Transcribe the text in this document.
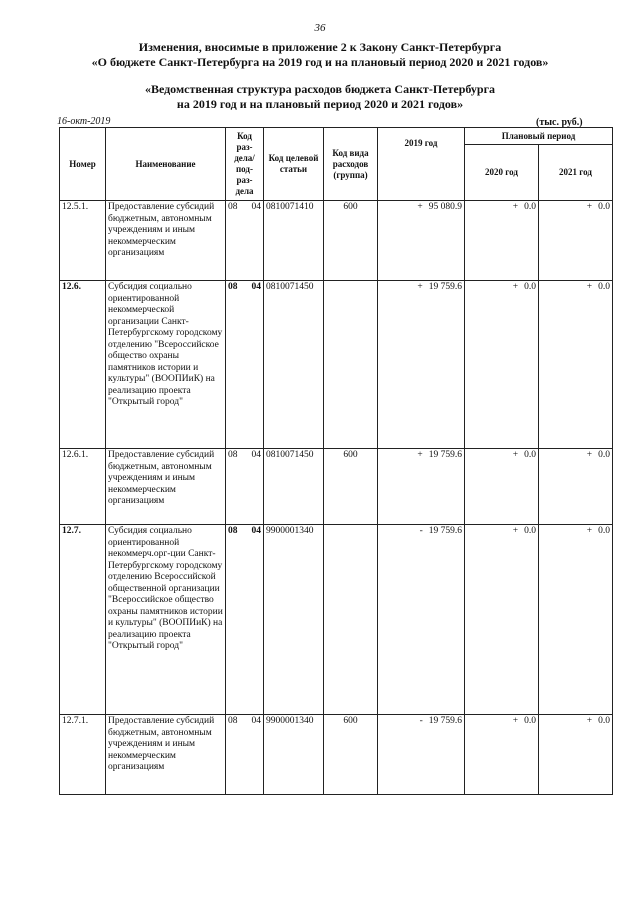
36
Изменения, вносимые в приложение 2 к Закону Санкт-Петербурга
«О бюджете Санкт-Петербурга на 2019 год и на плановый период 2020 и 2021 годов»
«Ведомственная структура расходов бюджета Санкт-Петербурга
на 2019 год и на плановый период 2020 и 2021 годов»
16-окт-2019	(тыс. руб.)
Номер	Наименование	Код раз-дела/ под-раз-дела	Код целевой статьи	Код вида расходов (группа)	2019 год	Плановый период	
						2020 год	2021 год
12.5.1.	Предоставление субсидий бюджетным, автономным учреждениям и иным некоммерческим организациям	08 04	0810071410	600	+ 95 080.9	+ 0.0	+ 0.0
12.6.	Субсидия социально ориентированной некоммерческой организации Санкт-Петербургскому городскому отделению "Всероссийское общество охраны памятников истории и культуры" (ВООПИиК) на реализацию проекта "Открытый город"	08 04	0810071450		+ 19 759.6	+ 0.0	+ 0.0
12.6.1.	Предоставление субсидий бюджетным, автономным учреждениям и иным некоммерческим организациям	08 04	0810071450	600	+ 19 759.6	+ 0.0	+ 0.0
12.7.	Субсидия социально ориентированной некоммерч.орг-ции Санкт-Петербургскому городскому отделению Всероссийской общественной организации "Всероссийское общество охраны памятников истории и культуры" (ВООПИиК) на реализацию проекта "Открытый город"	08 04	9900001340		- 19 759.6	+ 0.0	+ 0.0
12.7.1.	Предоставление субсидий бюджетным, автономным учреждениям и иным некоммерческим организациям	08 04	9900001340	600	- 19 759.6	+ 0.0	+ 0.0
